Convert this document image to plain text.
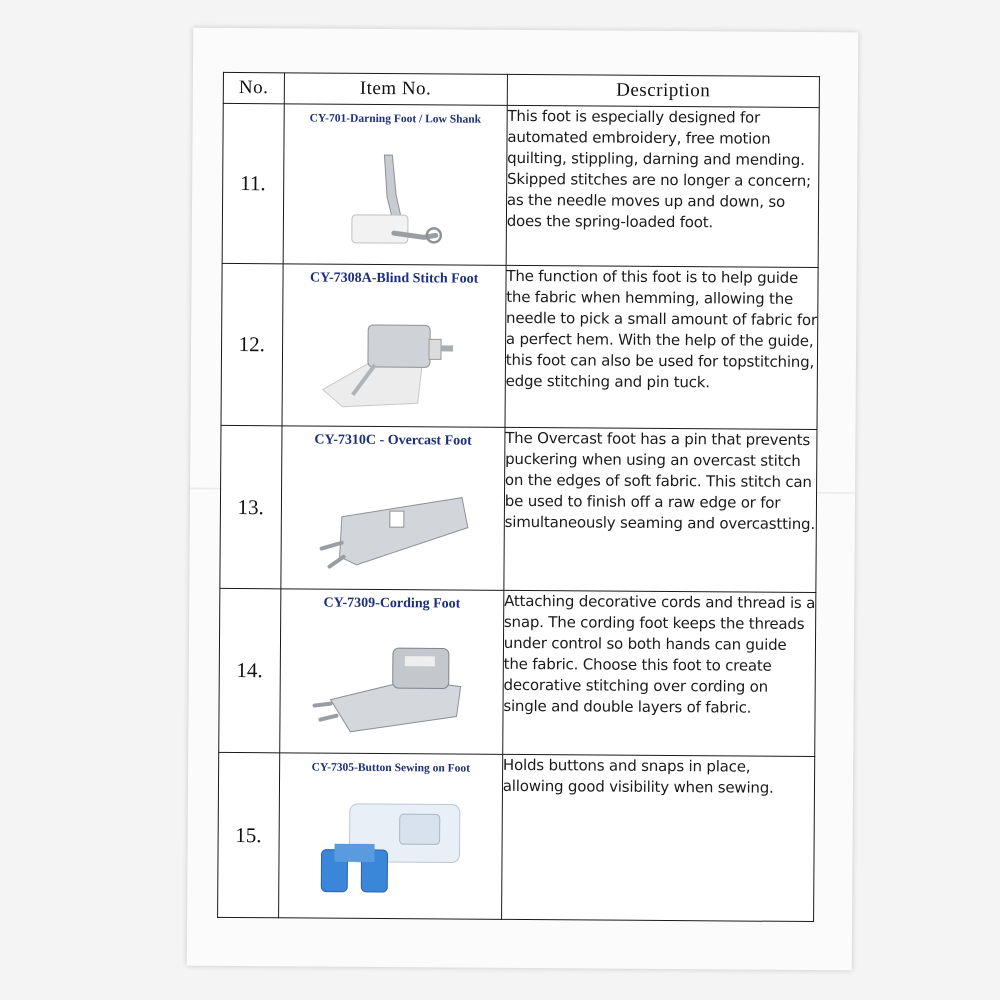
No.	Item No.	Description
11.	CY-701-Darning Foot / Low Shank	This foot is especially designed for automated embroidery, free motion quilting, stippling, darning and mending. Skipped stitches are no longer a concern; as the needle moves up and down, so does the spring-loaded foot.
12.	CY-7308A-Blind Stitch Foot	The function of this foot is to help guide the fabric when hemming, allowing the needle to pick a small amount of fabric for a perfect hem. With the help of the guide, this foot can also be used for topstitching, edge stitching and pin tuck.
13.	CY-7310C - Overcast Foot	The Overcast foot has a pin that prevents puckering when using an overcast stitch on the edges of soft fabric. This stitch can be used to finish off a raw edge or for simultaneously seaming and overcastting.
14.	CY-7309-Cording Foot	Attaching decorative cords and thread is a snap. The cording foot keeps the threads under control so both hands can guide the fabric. Choose this foot to create decorative stitching over cording on single and double layers of fabric.
15.	CY-7305-Button Sewing on Foot	Holds buttons and snaps in place, allowing good visibility when sewing.
